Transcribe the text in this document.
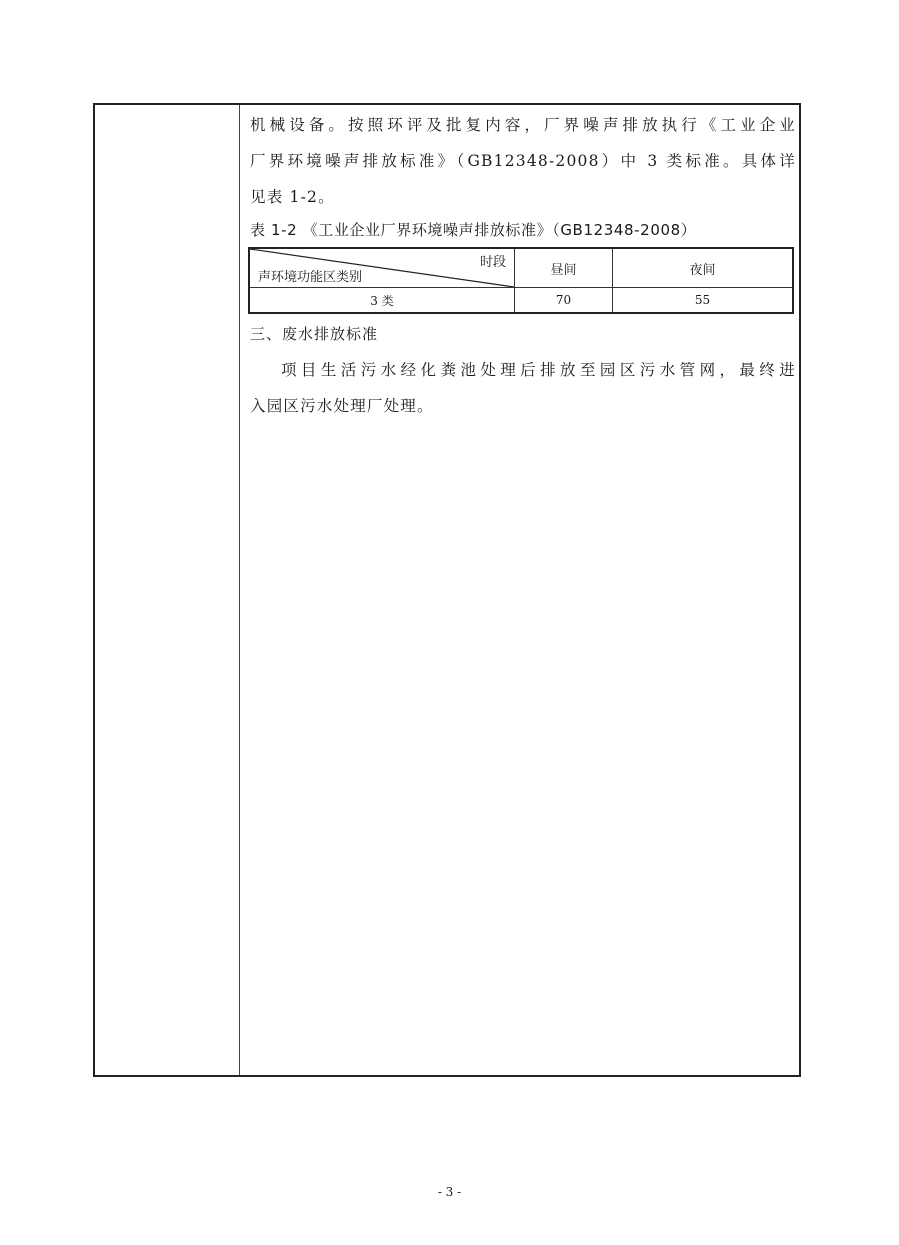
机械设备。按照环评及批复内容，厂界噪声排放执行《工业企业

厂界环境噪声排放标准》（GB12348-2008）中 3 类标准。具体详

见表 1-2。

表 1-2 《工业企业厂界环境噪声排放标准》（GB12348-2008）
时段
声环境功能区类别	昼间	夜间
3 类	70	55
三、废水排放标准

项目生活污水经化粪池处理后排放至园区污水管网，最终进

入园区污水处理厂处理。

- 3 -
